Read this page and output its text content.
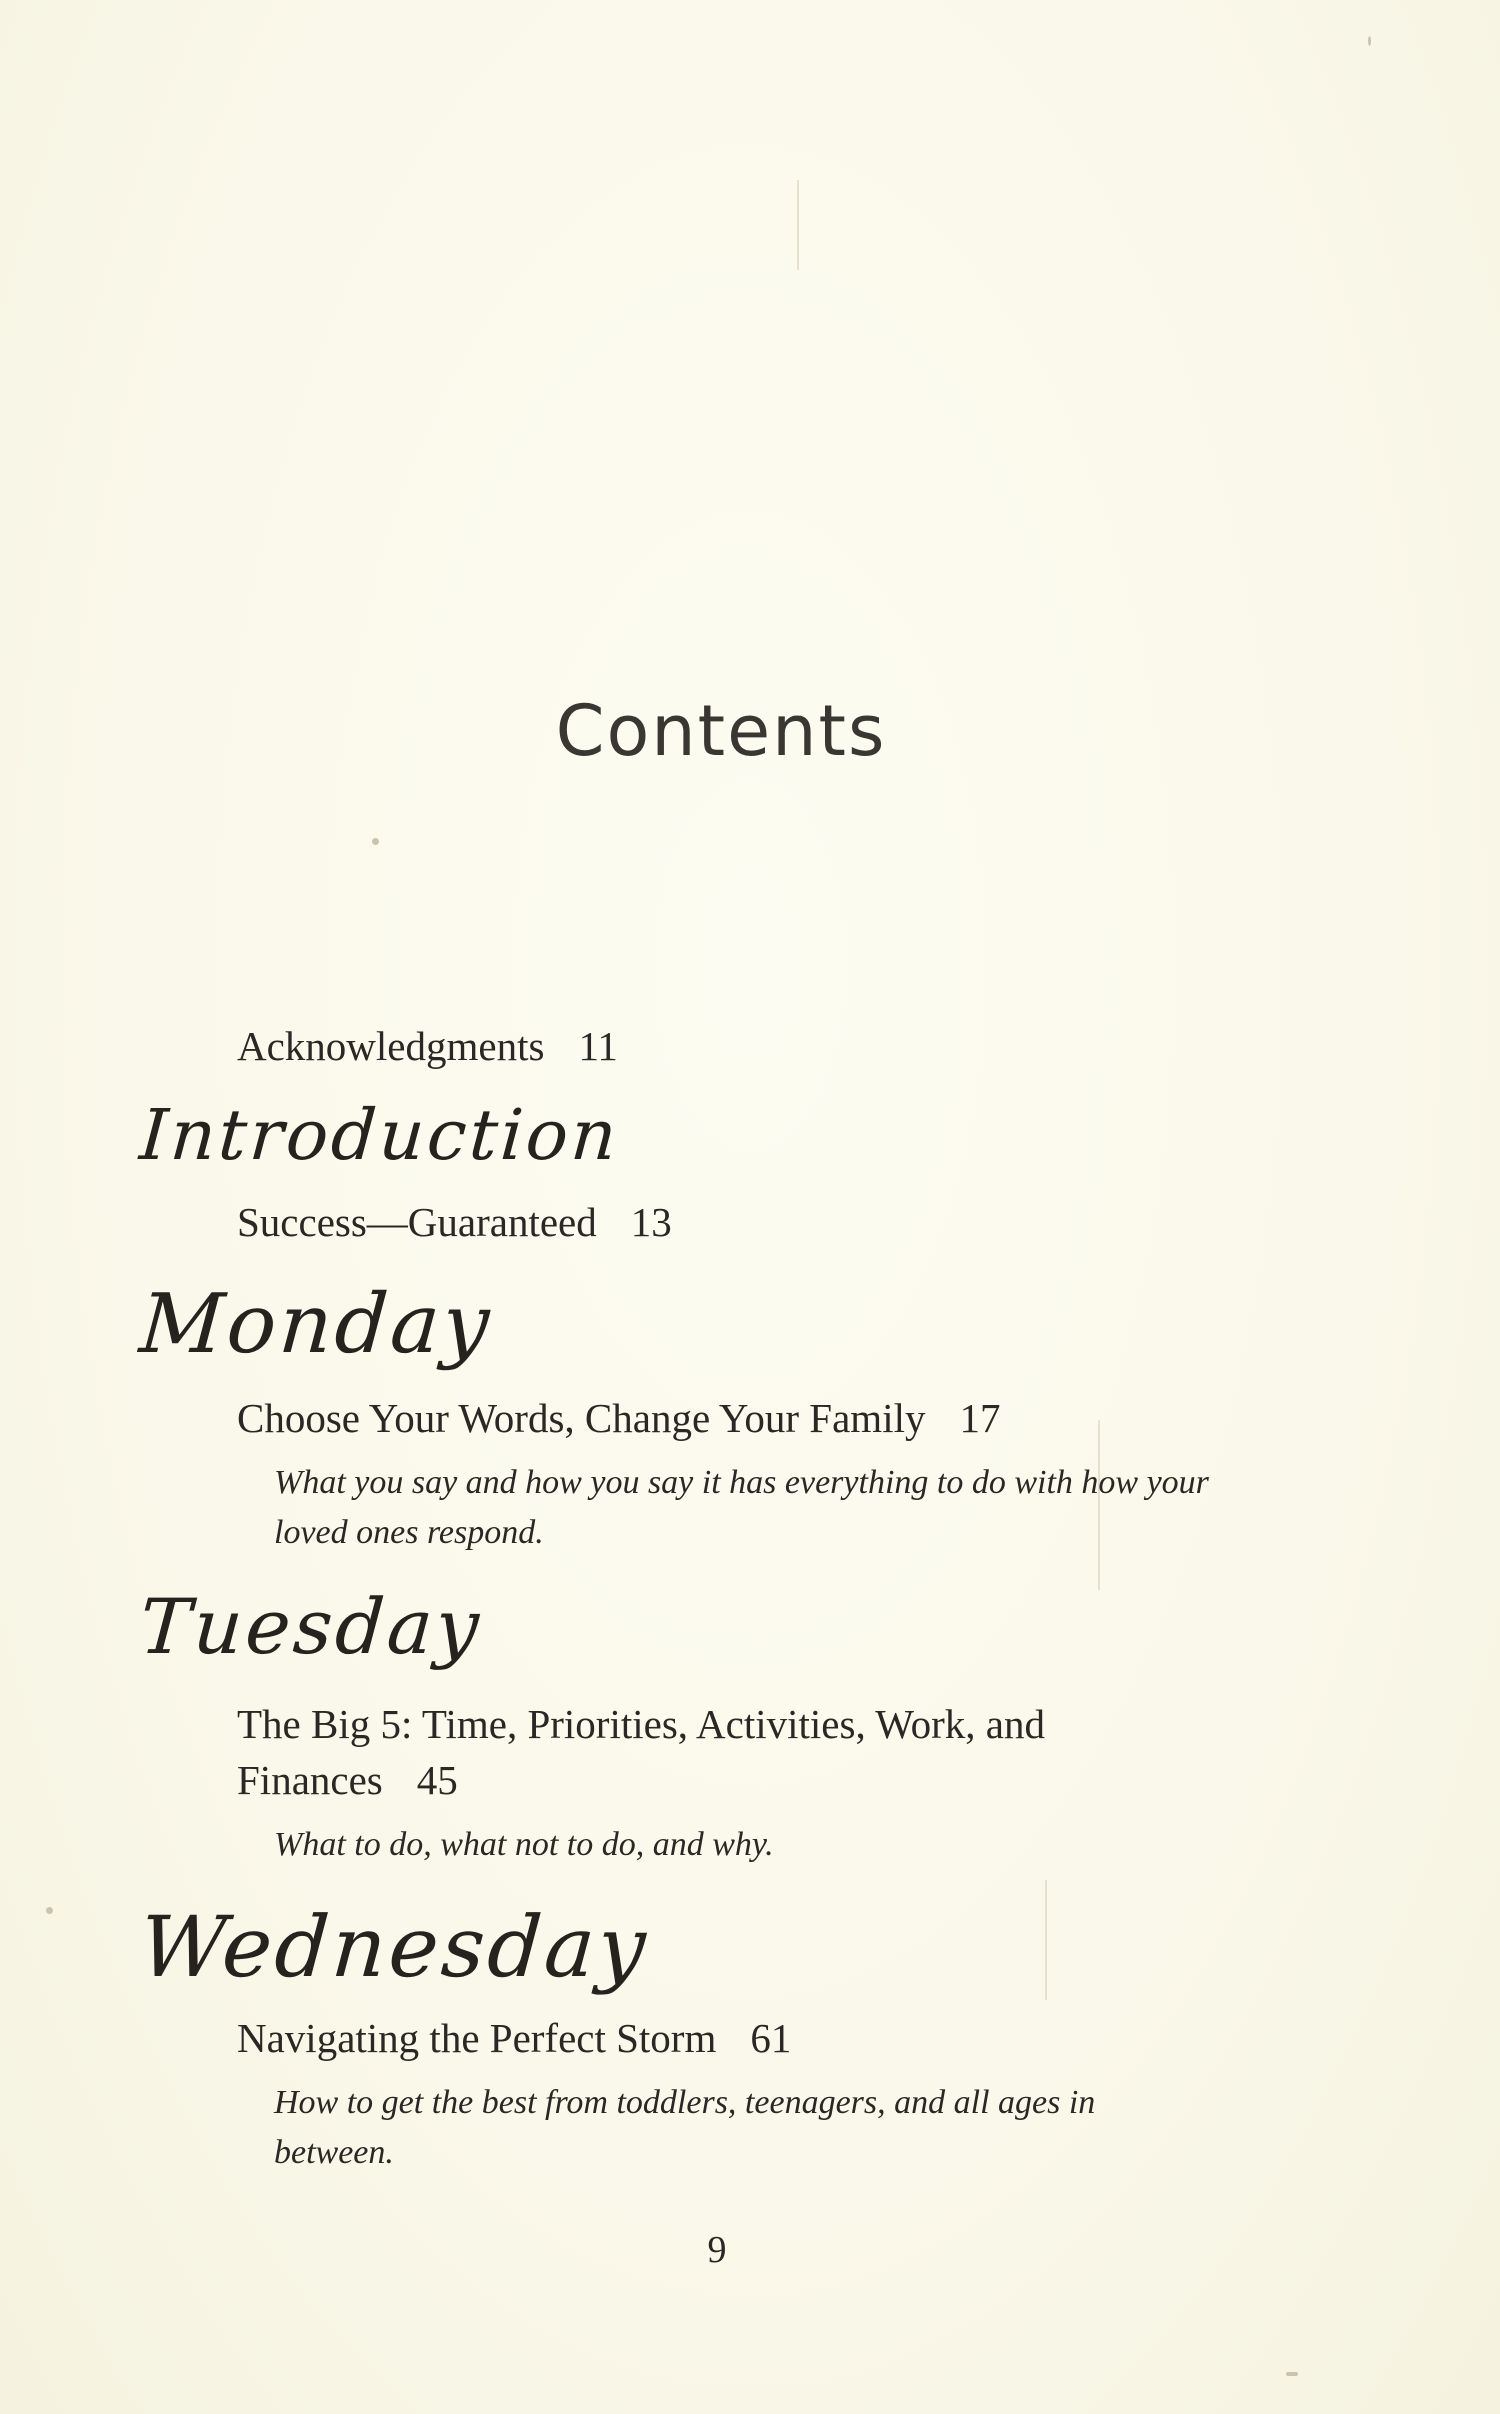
Contents
Acknowledgments 11
Introduction
Success—Guaranteed 13
Monday
Choose Your Words, Change Your Family 17
What you say and how you say it has everything to do with how your loved ones respond.
Tuesday
The Big 5: Time, Priorities, Activities, Work, and
Finances 45
What to do, what not to do, and why.
Wednesday
Navigating the Perfect Storm 61
How to get the best from toddlers, teenagers, and all ages in between.
9
